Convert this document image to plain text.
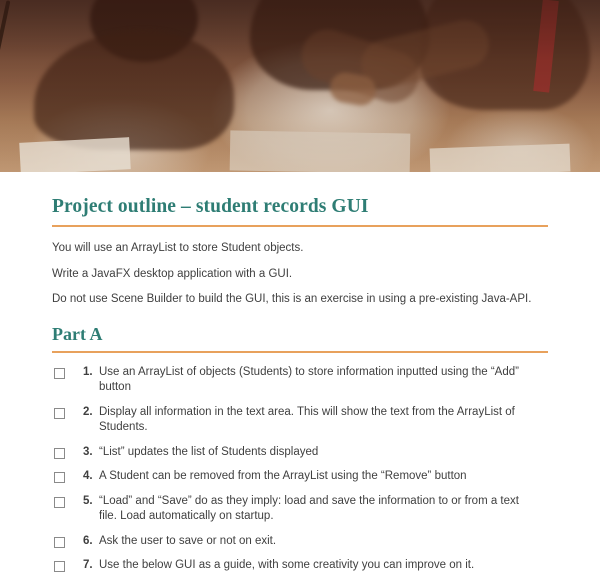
Project outline – student records GUI

You will use an ArrayList to store Student objects.

Write a JavaFX desktop application with a GUI.

Do not use Scene Builder to build the GUI, this is an exercise in using a pre-existing Java-API.

Part A
1. Use an ArrayList of objects (Students) to store information inputted using the “Add” button
2. Display all information in the text area. This will show the text from the ArrayList of Students.
3. “List” updates the list of Students displayed
4. A Student can be removed from the ArrayList using the “Remove” button
5. “Load” and “Save” do as they imply: load and save the information to or from a text file. Load automatically on startup.
6. Ask the user to save or not on exit.
7. Use the below GUI as a guide, with some creativity you can improve on it.
